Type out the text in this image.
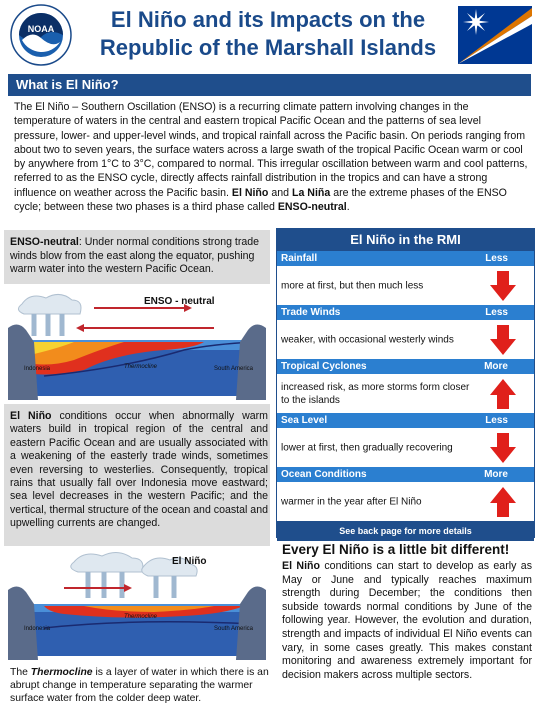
NOAA	El Niño and its Impacts on the
Republic of the Marshall Islands
What is El Niño?
The El Niño – Southern Oscillation (ENSO) is a recurring climate pattern involving changes in the temperature of waters in the central and eastern tropical Pacific Ocean and the patterns of sea level pressure, lower- and upper-level winds, and tropical rainfall across the Pacific basin. On periods ranging from about two to seven years, the surface waters across a large swath of the tropical Pacific Ocean warm or cool by anywhere from 1°C to 3°C, compared to normal. This irregular oscillation between warm and cool patterns, referred to as the ENSO cycle, directly affects rainfall distribution in the tropics and can have a strong influence on weather across the Pacific basin. El Niño and La Niña are the extreme phases of the ENSO cycle; between these two phases is a third phase called ENSO-neutral.
ENSO-neutral: Under normal conditions strong trade winds blow from the east along the equator, pushing warm water into the western Pacific Ocean.
ENSO - neutral
Indonesia	South America
Thermocline
El Niño conditions occur when abnormally warm waters build in tropical region of the central and eastern Pacific Ocean and are usually associated with a weakening of the easterly trade winds, sometimes even reversing to westerlies. Consequently, tropical rains that usually fall over Indonesia move eastward; sea level decreases in the western Pacific; and the vertical, thermal structure of the ocean and coastal and upwelling currents are changed.
El Niño
Indonesia	South America
Thermocline
The Thermocline is a layer of water in which there is an abrupt change in temperature separating the warmer surface water from the colder deep water.
El Niño in the RMI
Rainfall	Less
more at first, but then much less
Trade Winds	Less
weaker, with occasional westerly winds
Tropical Cyclones	More
increased risk, as more storms form closer to the islands
Sea Level	Less
lower at first, then gradually recovering
Ocean Conditions	More
warmer in the year after El Niño
See back page for more details
Every El Niño is a little bit different!
El Niño conditions can start to develop as early as May or June and typically reaches maximum strength during December; the conditions then subside towards normal conditions by June of the following year. However, the evolution and duration, strength and impacts of individual El Niño events can vary, in some cases greatly. This makes constant monitoring and awareness extremely important for decision makers across multiple sectors.
